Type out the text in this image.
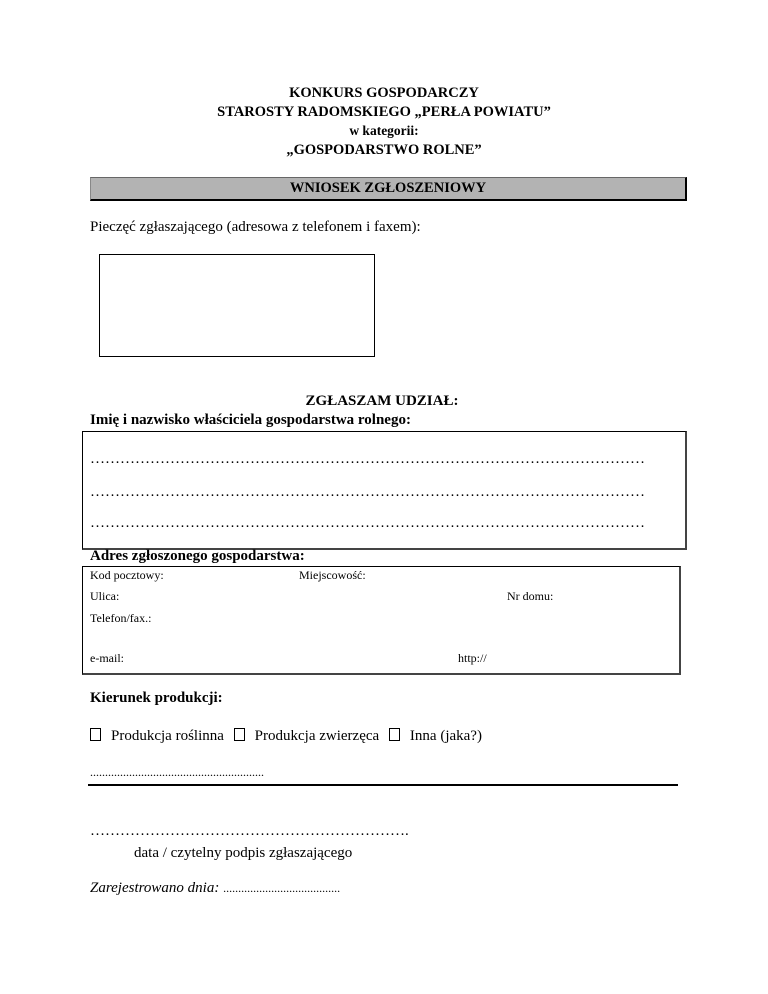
KONKURS GOSPODARCZY
STAROSTY RADOMSKIEGO „PERŁA POWIATU”
w kategorii:
„GOSPODARSTWO ROLNE”
WNIOSEK ZGŁOSZENIOWY
Pieczęć zgłaszającego (adresowa z telefonem i faxem):
ZGŁASZAM UDZIAŁ:
Imię i nazwisko właściciela gospodarstwa rolnego:
…………………………………………………………………………………………………
…………………………………………………………………………………………………
…………………………………………………………………………………………………
Adres zgłoszonego gospodarstwa:
Kod pocztowy:	Miejscowość:
Ulica:	Nr domu:
Telefon/fax.:
e-mail:	http://
Kierunek produkcji:
Produkcja roślinna Produkcja zwierzęca Inna (jaka?)
..........................................................
……………………………………………………….
data / czytelny podpis zgłaszającego
Zarejestrowano dnia: .......................................
